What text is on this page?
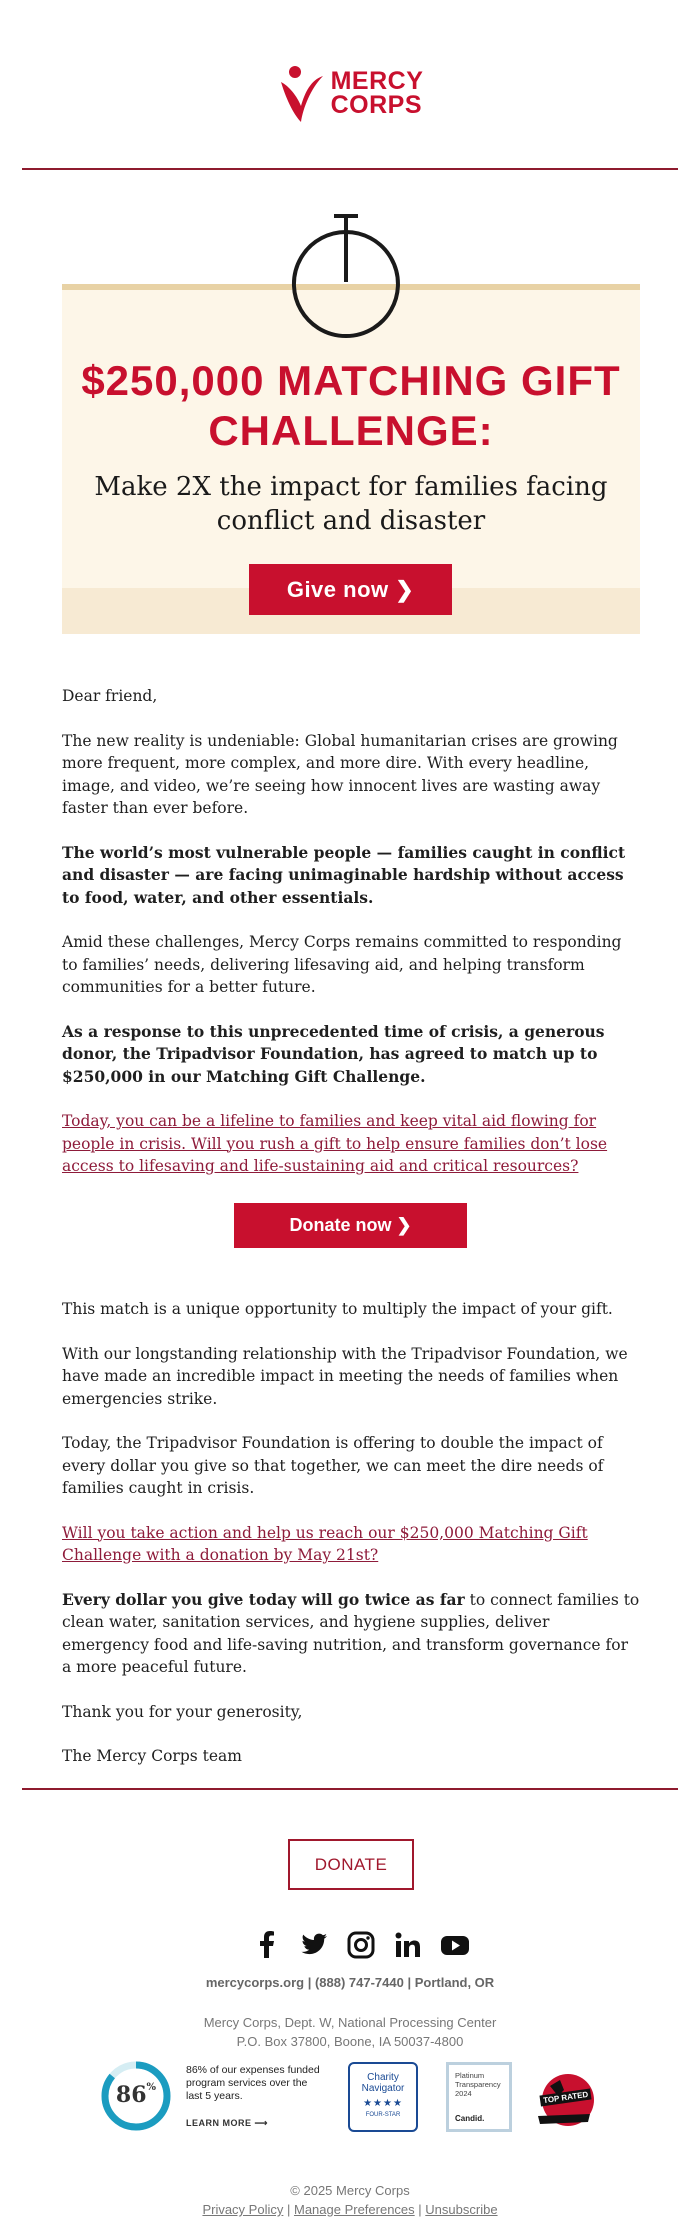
MERCY
CORPS
$250,000 MATCHING GIFT CHALLENGE:
Make 2X the impact for families facing conflict and disaster
Give now ❯

Dear friend,

The new reality is undeniable: Global humanitarian crises are growing more frequent, more complex, and more dire. With every headline, image, and video, we’re seeing how innocent lives are wasting away faster than ever before.

The world’s most vulnerable people — families caught in conflict and disaster — are facing unimaginable hardship without access to food, water, and other essentials.

Amid these challenges, Mercy Corps remains committed to responding to families’ needs, delivering lifesaving aid, and helping transform communities for a better future.

As a response to this unprecedented time of crisis, a generous donor, the Tripadvisor Foundation, has agreed to match up to $250,000 in our Matching Gift Challenge.

Today, you can be a lifeline to families and keep vital aid flowing for people in crisis. Will you rush a gift to help ensure families don’t lose access to lifesaving and life-sustaining aid and critical resources?

Donate now ❯

This match is a unique opportunity to multiply the impact of your gift.

With our longstanding relationship with the Tripadvisor Foundation, we have made an incredible impact in meeting the needs of families when emergencies strike.

Today, the Tripadvisor Foundation is offering to double the impact of every dollar you give so that together, we can meet the dire needs of families caught in crisis.

Will you take action and help us reach our $250,000 Matching Gift Challenge with a donation by May 21st?

Every dollar you give today will go twice as far to connect families to clean water, sanitation services, and hygiene supplies, deliver emergency food and life-saving nutrition, and transform governance for a more peaceful future.

Thank you for your generosity,

The Mercy Corps team

DONATE
mercycorps.org | (888) 747-7440 | Portland, OR
Mercy Corps, Dept. W, National Processing Center
P.O. Box 37800, Boone, IA 50037-4800
86%
86% of our expenses funded program services over the last 5 years.
LEARN MORE ⟶
Charity
Navigator
★★★★
FOUR-STAR
Platinum
Transparency
2024
Candid.
TOP RATED
© 2025 Mercy Corps
Privacy Policy | Manage Preferences | Unsubscribe
